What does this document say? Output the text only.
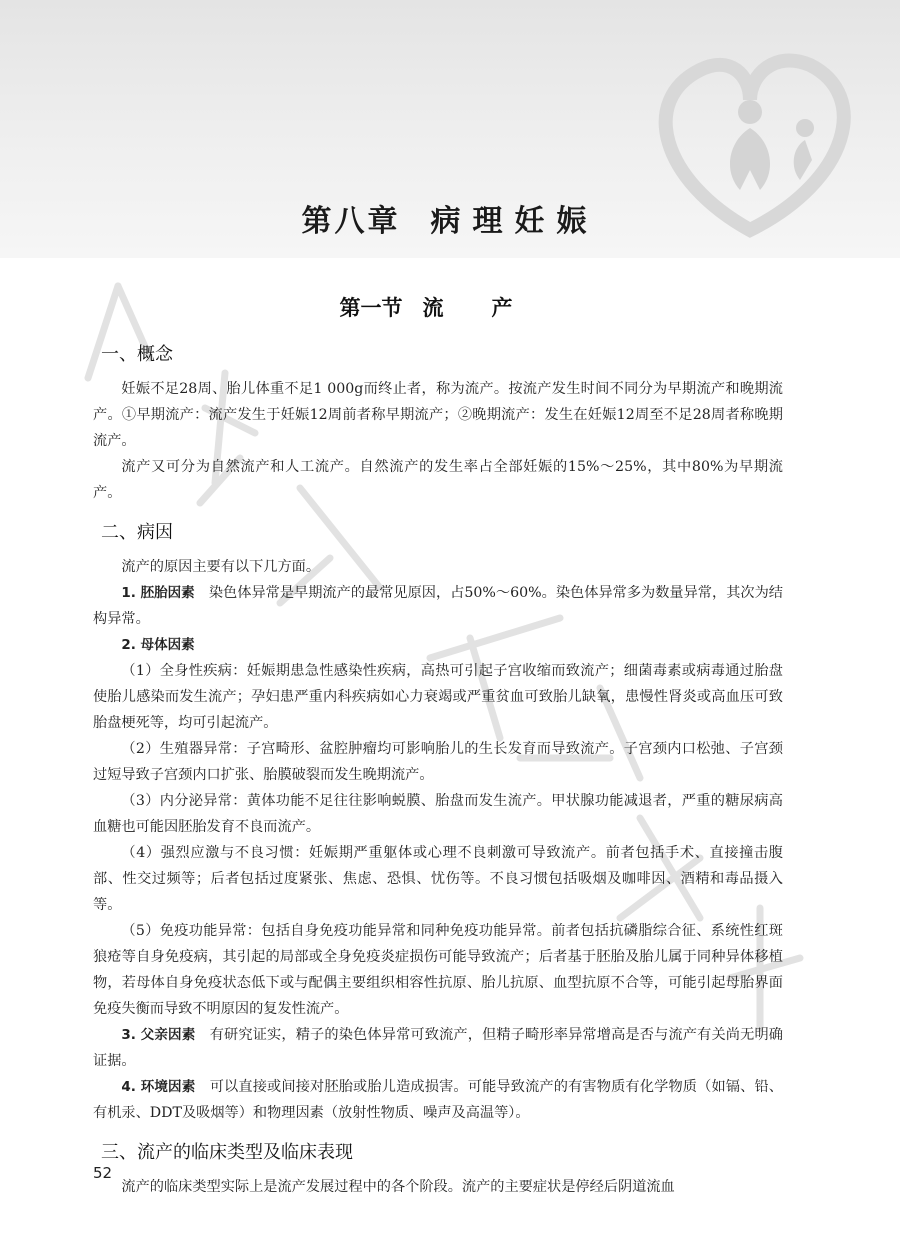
第八章 病理妊娠
第一节 流产
一、概念

妊娠不足28周、胎儿体重不足1 000g而终止者，称为流产。按流产发生时间不同分为早期流产和晚期流产。①早期流产：流产发生于妊娠12周前者称早期流产；②晚期流产：发生在妊娠12周至不足28周者称晚期流产。

流产又可分为自然流产和人工流产。自然流产的发生率占全部妊娠的15%～25%，其中80%为早期流产。

二、病因

流产的原因主要有以下几方面。

1. 胚胎因素　 染色体异常是早期流产的最常见原因，占50%～60%。染色体异常多为数量异常，其次为结构异常。

2. 母体因素

（1）全身性疾病：妊娠期患急性感染性疾病，高热可引起子宫收缩而致流产；细菌毒素或病毒通过胎盘使胎儿感染而发生流产；孕妇患严重内科疾病如心力衰竭或严重贫血可致胎儿缺氧，患慢性肾炎或高血压可致胎盘梗死等，均可引起流产。

（2）生殖器异常：子宫畸形、盆腔肿瘤均可影响胎儿的生长发育而导致流产。子宫颈内口松弛、子宫颈过短导致子宫颈内口扩张、胎膜破裂而发生晚期流产。

（3）内分泌异常：黄体功能不足往往影响蜕膜、胎盘而发生流产。甲状腺功能减退者，严重的糖尿病高血糖也可能因胚胎发育不良而流产。

（4）强烈应激与不良习惯：妊娠期严重躯体或心理不良刺激可导致流产。前者包括手术、直接撞击腹部、性交过频等；后者包括过度紧张、焦虑、恐惧、忧伤等。不良习惯包括吸烟及咖啡因、酒精和毒品摄入等。

（5）免疫功能异常：包括自身免疫功能异常和同种免疫功能异常。前者包括抗磷脂综合征、系统性红斑狼疮等自身免疫病，其引起的局部或全身免疫炎症损伤可能导致流产；后者基于胚胎及胎儿属于同种异体移植物，若母体自身免疫状态低下或与配偶主要组织相容性抗原、胎儿抗原、血型抗原不合等，可能引起母胎界面免疫失衡而导致不明原因的复发性流产。

3. 父亲因素　 有研究证实，精子的染色体异常可致流产，但精子畸形率异常增高是否与流产有关尚无明确证据。

4. 环境因素　 可以直接或间接对胚胎或胎儿造成损害。可能导致流产的有害物质有化学物质（如镉、铅、有机汞、DDT及吸烟等）和物理因素（放射性物质、噪声及高温等）。

三、流产的临床类型及临床表现

流产的临床类型实际上是流产发展过程中的各个阶段。流产的主要症状是停经后阴道流血

52
